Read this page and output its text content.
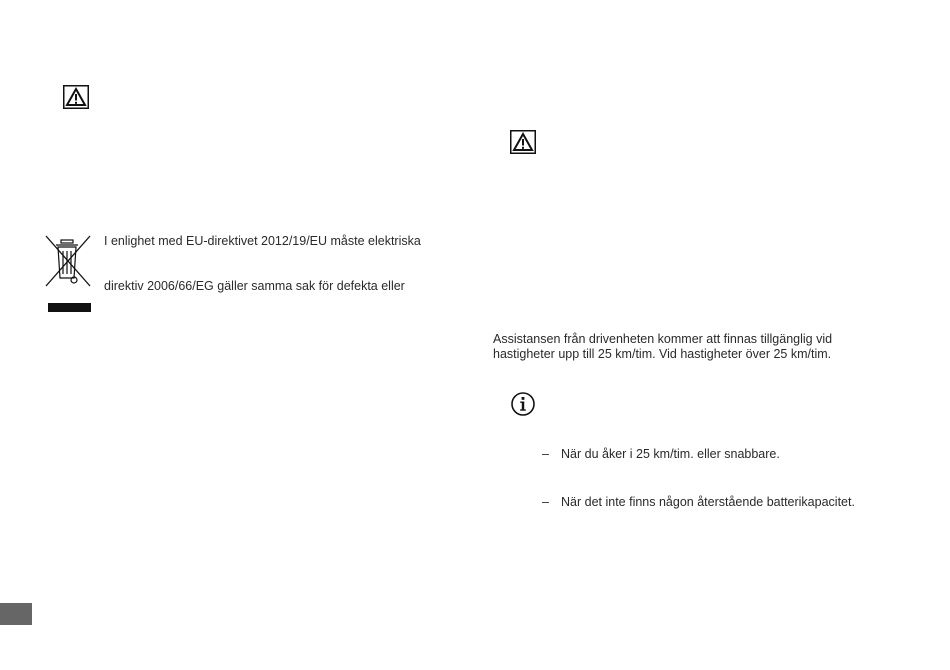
I enlighet med EU-direktivet 2012/19/EU måste elektriska
direktiv 2006/66/EG gäller samma sak för defekta eller
Assistansen från drivenheten kommer att finnas tillgänglig vid
hastigheter upp till 25 km/tim. Vid hastigheter över 25 km/tim.
– När du åker i 25 km/tim. eller snabbare.
– När det inte finns någon återstående batterikapacitet.
